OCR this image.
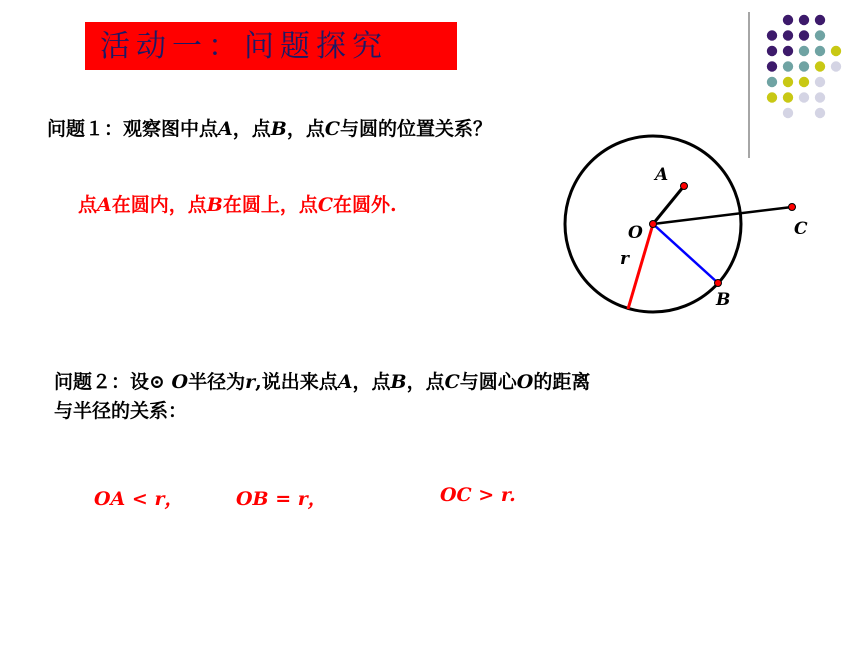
活动一：问题探究
问题１：观察图中点A，点B，点C与圆的位置关系？
点A在圆内，点B在圆上，点C在圆外.
A
O
r
B
C
问题２：设⊙ O半径为r,说出来点A，点B，点C与圆心O的距离
与半径的关系：
OA < r，	OB = r，	OC > r.
